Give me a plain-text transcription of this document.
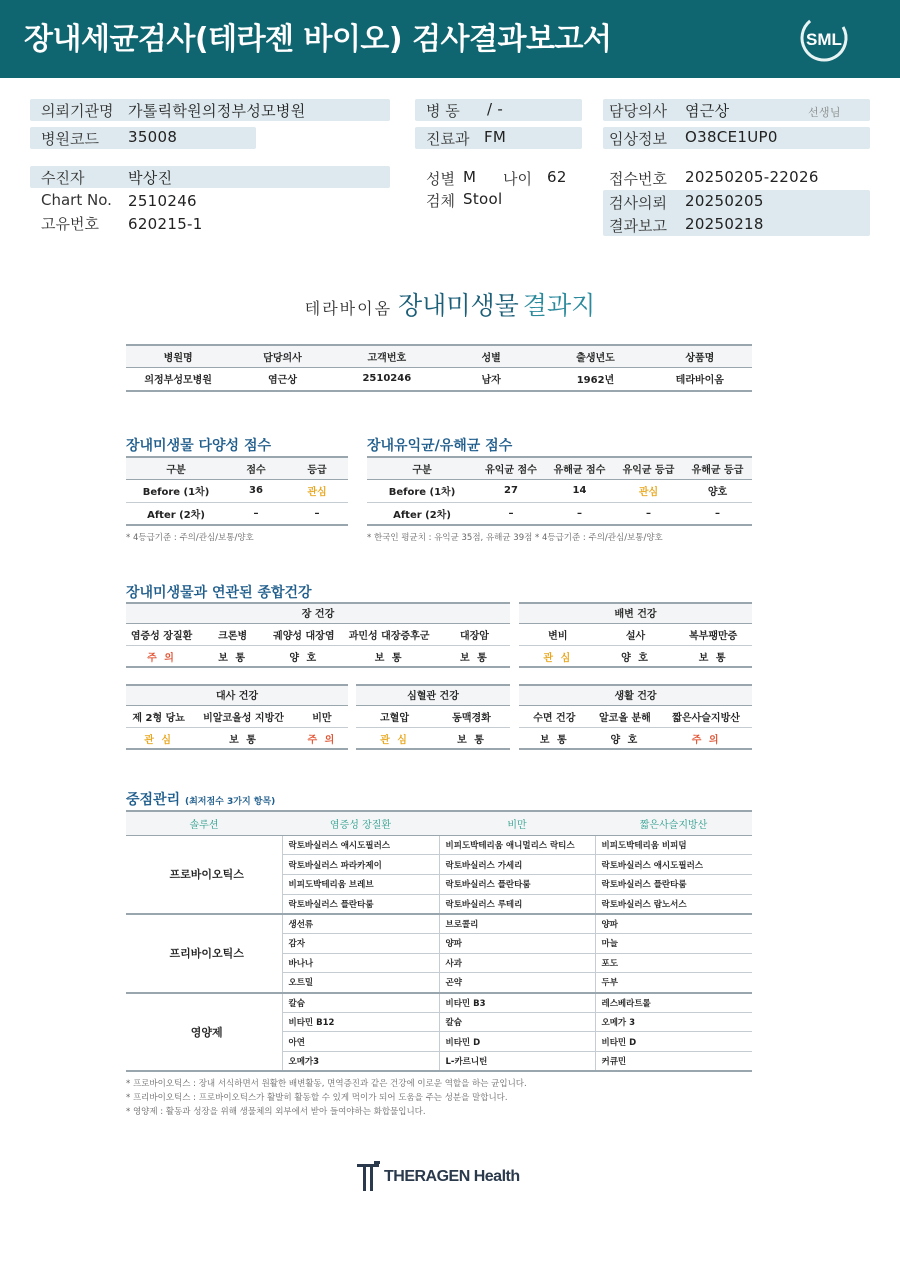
장내세균검사(테라젠 바이오) 검사결과보고서	SML
의뢰기관명 가톨릭학원의정부성모병원
병원코드 35008
병 동 / -
진료과 FM
담당의사 염근상	선생님
임상정보 O38CE1UP0
수진자	박상진
Chart No. 2510246
고유번호 620215-1
성별 M 나이 62
검체 Stool
접수번호 20250205-22026
검사의뢰 20250205
결과보고 20250218
테라바이옴 장내미생물 결과지
병원명	담당의사	고객번호	성별	출생년도	상품명
의정부성모병원	염근상	2510246	남자	1962년	테라바이옴
장내미생물 다양성 점수
구분	점수	등급
Before (1차)	36	관심
After (2차)	–	–
* 4등급기준 : 주의/관심/보통/양호
장내유익균/유해균 점수
구분	유익균 점수	유해균 점수	유익균 등급	유해균 등급
Before (1차)	27	14	관심	양호
After (2차)	–	–	–	–
* 한국인 평균치 : 유익균 35점, 유해균 39점 * 4등급기준 : 주의/관심/보통/양호
장내미생물과 연관된 종합건강
장 건강
염증성 장질환	크론병	궤양성 대장염	과민성 대장증후군	대장암
주 의	보 통	양 호	보 통	보 통
배변 건강
변비	설사	복부팽만증
관 심	양 호	보 통
대사 건강
제 2형 당뇨	비알코올성 지방간	비만
관 심	보 통	주 의
심혈관 건강
고혈압	동맥경화
관 심	보 통
생활 건강
수면 건강	알코올 분해	짧은사슬지방산
보 통	양 호	주 의
중점관리 (최저점수 3가지 항목)
솔루션	염증성 장질환	비만	짧은사슬지방산
프로바이오틱스	락토바실러스 애시도필러스	비피도박테리움 애니멀리스 락티스	비피도박테리움 비피덤
	락토바실러스 파라카제이	락토바실러스 가세리	락토바실러스 애시도필러스
	비피도박테리움 브레브	락토바실러스 플란타룸	락토바실러스 플란타룸
	락토바실러스 플란타룸	락토바실러스 루테리	락토바실러스 람노서스
프리바이오틱스	생선류	브로콜리	양파
	감자	양파	마늘
	바나나	사과	포도
	오트밀	곤약	두부
영양제	칼슘	비타민 B3	레스베라트롤
	비타민 B12	칼슘	오메가 3
	아연	비타민 D	비타민 D
	오메가3	L-카르니틴	커큐민
* 프로바이오틱스 : 장내 서식하면서 원활한 배변활동, 면역증진과 같은 건강에 이로운 역할을 하는 균입니다.
* 프리바이오틱스 : 프로바이오틱스가 활발히 활동할 수 있게 먹이가 되어 도움을 주는 성분을 말합니다.
* 영양제 : 활동과 성장을 위해 생물체의 외부에서 받아 들여야하는 화합물입니다.
THERAGEN Health
